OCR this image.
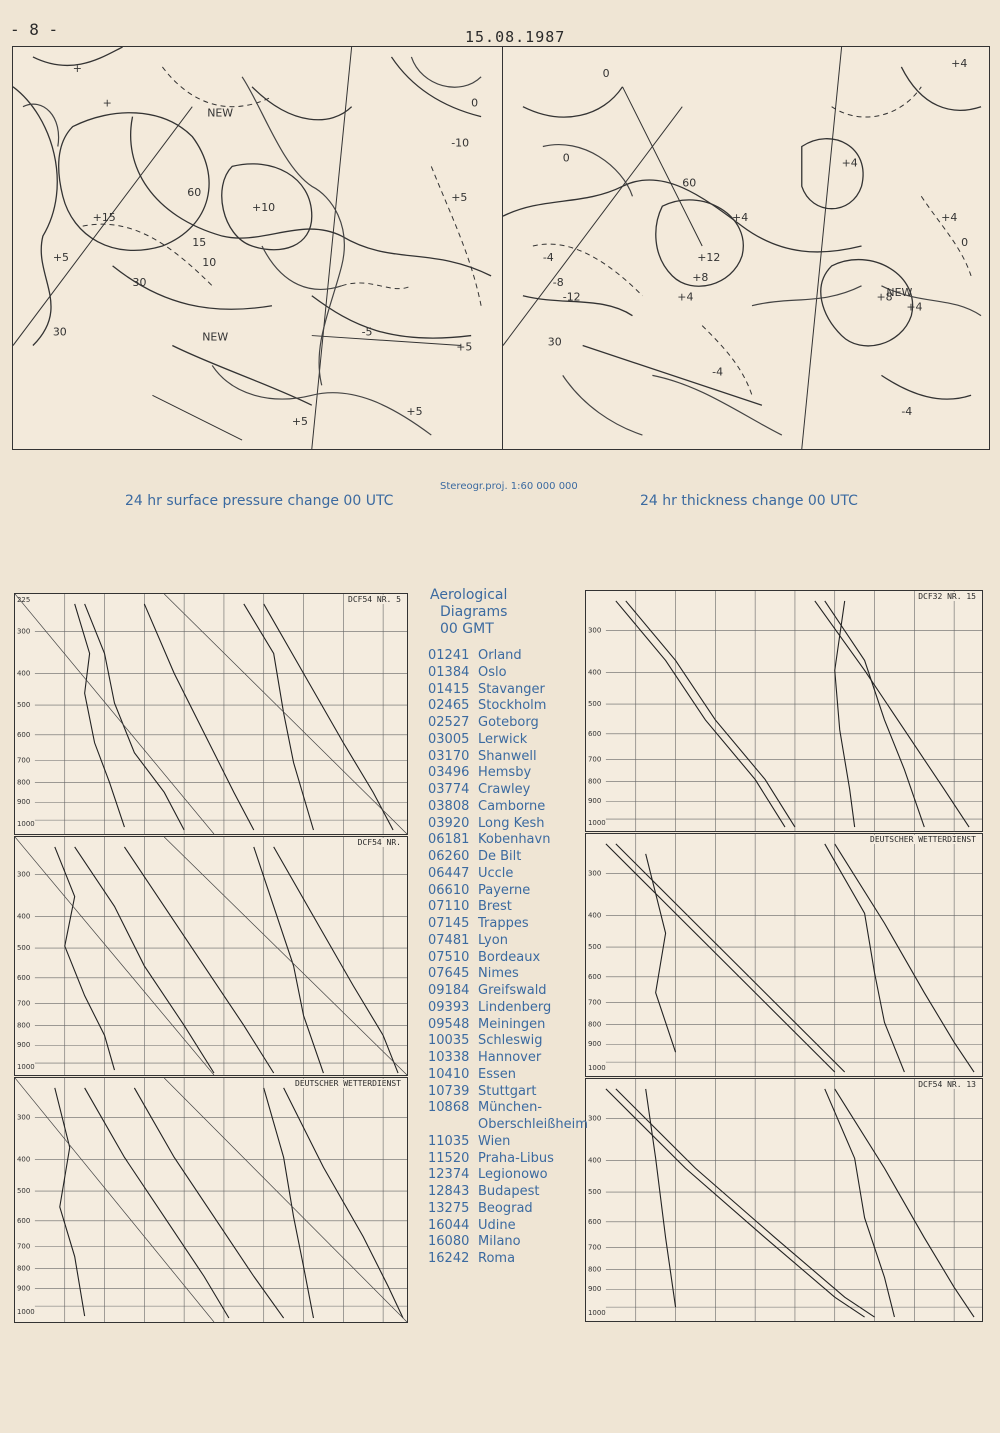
- 8 -	15.08.1987
+15
+10
+5
+5
+5
+5
15
10
-10
0
-5
+
+
+5
30
30
60
NEW
NEW
+12
+8
+4
+4
+4
+8
+4
+4
+4
-4
-8
-12
-4
-4
0
0
0
30
60
NEW
24 hr surface pressure change 00 UTC
Stereogr.proj. 1:60 000 000
24 hr thickness change 00 UTC
300
400
500
600
700
800
900
1000
225	DCF54 NR. 5
300
400
500
600
700
800
900
1000
DCF54 NR.
300
400
500
600
700
800
900
1000
DEUTSCHER WETTERDIENST
300
400
500
600
700
800
900
1000
DCF32 NR. 15
300
400
500
600
700
800
900
1000
DEUTSCHER WETTERDIENST
300
400
500
600
700
800
900
1000
DCF54 NR. 13
Aerological
Diagrams
00 GMT
01241 Orland
01384 Oslo
01415 Stavanger
02465 Stockholm
02527 Goteborg
03005 Lerwick
03170 Shanwell
03496 Hemsby
03774 Crawley
03808 Camborne
03920 Long Kesh
06181 Kobenhavn
06260 De Bilt
06447 Uccle
06610 Payerne
07110 Brest
07145 Trappes
07481 Lyon
07510 Bordeaux
07645 Nimes
09184 Greifswald
09393 Lindenberg
09548 Meiningen
10035 Schleswig
10338 Hannover
10410 Essen
10739 Stuttgart
10868 München-
Oberschleißheim
11035 Wien
11520 Praha-Libus
12374 Legionowo
12843 Budapest
13275 Beograd
16044 Udine
16080 Milano
16242 Roma
